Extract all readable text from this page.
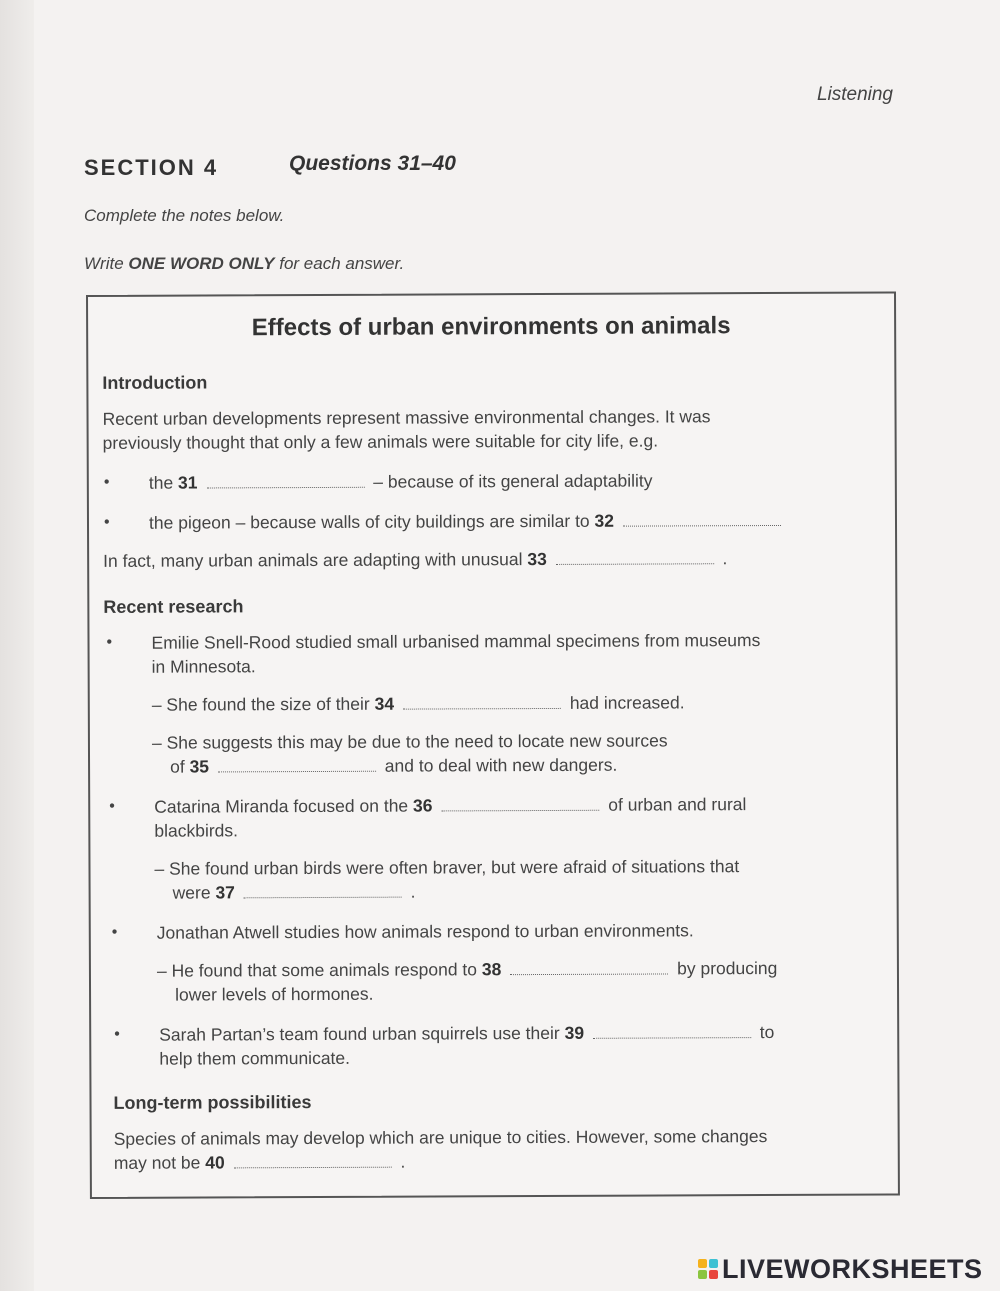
Listening
SECTION 4	Questions 31–40
Complete the notes below.
Write ONE WORD ONLY for each answer.
Effects of urban environments on animals
Introduction
Recent urban developments represent massive environmental changes. It was
previously thought that only a few animals were suitable for city life, e.g.
• the 31	– because of its general adaptability
• the pigeon – because walls of city buildings are similar to 32
In fact, many urban animals are adapting with unusual 33	.
Recent research
• Emilie Snell-Rood studied small urbanised mammal specimens from museums
in Minnesota.
– She found the size of their 34	had increased.
– She suggests this may be due to the need to locate new sources
of 35	and to deal with new dangers.
• Catarina Miranda focused on the 36	of urban and rural
blackbirds.
– She found urban birds were often braver, but were afraid of situations that
were 37	.
• Jonathan Atwell studies how animals respond to urban environments.
– He found that some animals respond to 38	by producing
lower levels of hormones.
• Sarah Partan’s team found urban squirrels use their 39	to
help them communicate.
Long-term possibilities
Species of animals may develop which are unique to cities. However, some changes
may not be 40	.
LIVEWORKSHEETS
